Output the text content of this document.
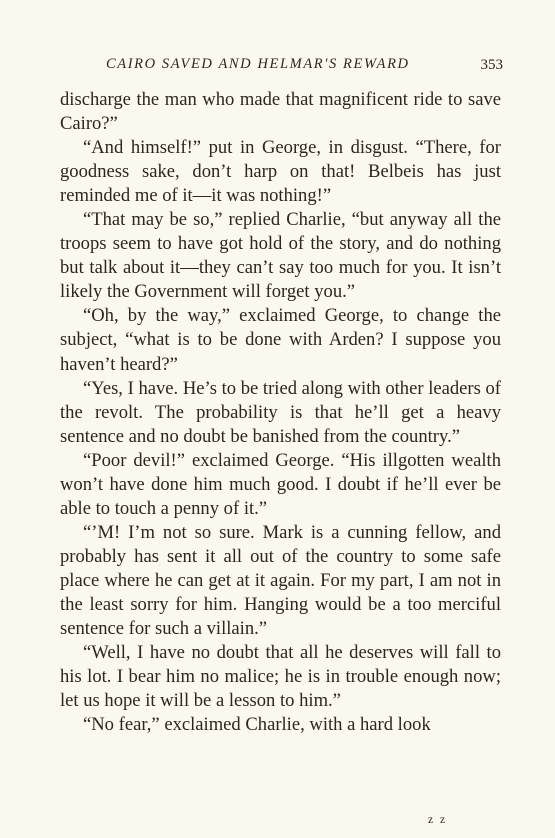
CAIRO SAVED AND HELMAR'S REWARD	353

discharge the man who made that magnificent ride to save Cairo?”

“And himself!” put in George, in disgust. “There, for goodness sake, don’t harp on that! Belbeis has just reminded me of it—it was nothing!”

“That may be so,” replied Charlie, “but anyway all the troops seem to have got hold of the story, and do nothing but talk about it—they can’t say too much for you. It isn’t likely the Government will forget you.”

“Oh, by the way,” exclaimed George, to change the subject, “what is to be done with Arden? I suppose you haven’t heard?”

“Yes, I have. He’s to be tried along with other leaders of the revolt. The probability is that he’ll get a heavy sentence and no doubt be banished from the country.”

“Poor devil!” exclaimed George. “His illgotten wealth won’t have done him much good. I doubt if he’ll ever be able to touch a penny of it.”

“’M! I’m not so sure. Mark is a cunning fellow, and probably has sent it all out of the country to some safe place where he can get at it again. For my part, I am not in the least sorry for him. Hanging would be a too merciful sentence for such a villain.”

“Well, I have no doubt that all he deserves will fall to his lot. I bear him no malice; he is in trouble enough now; let us hope it will be a lesson to him.”

“No fear,” exclaimed Charlie, with a hard look

z z
